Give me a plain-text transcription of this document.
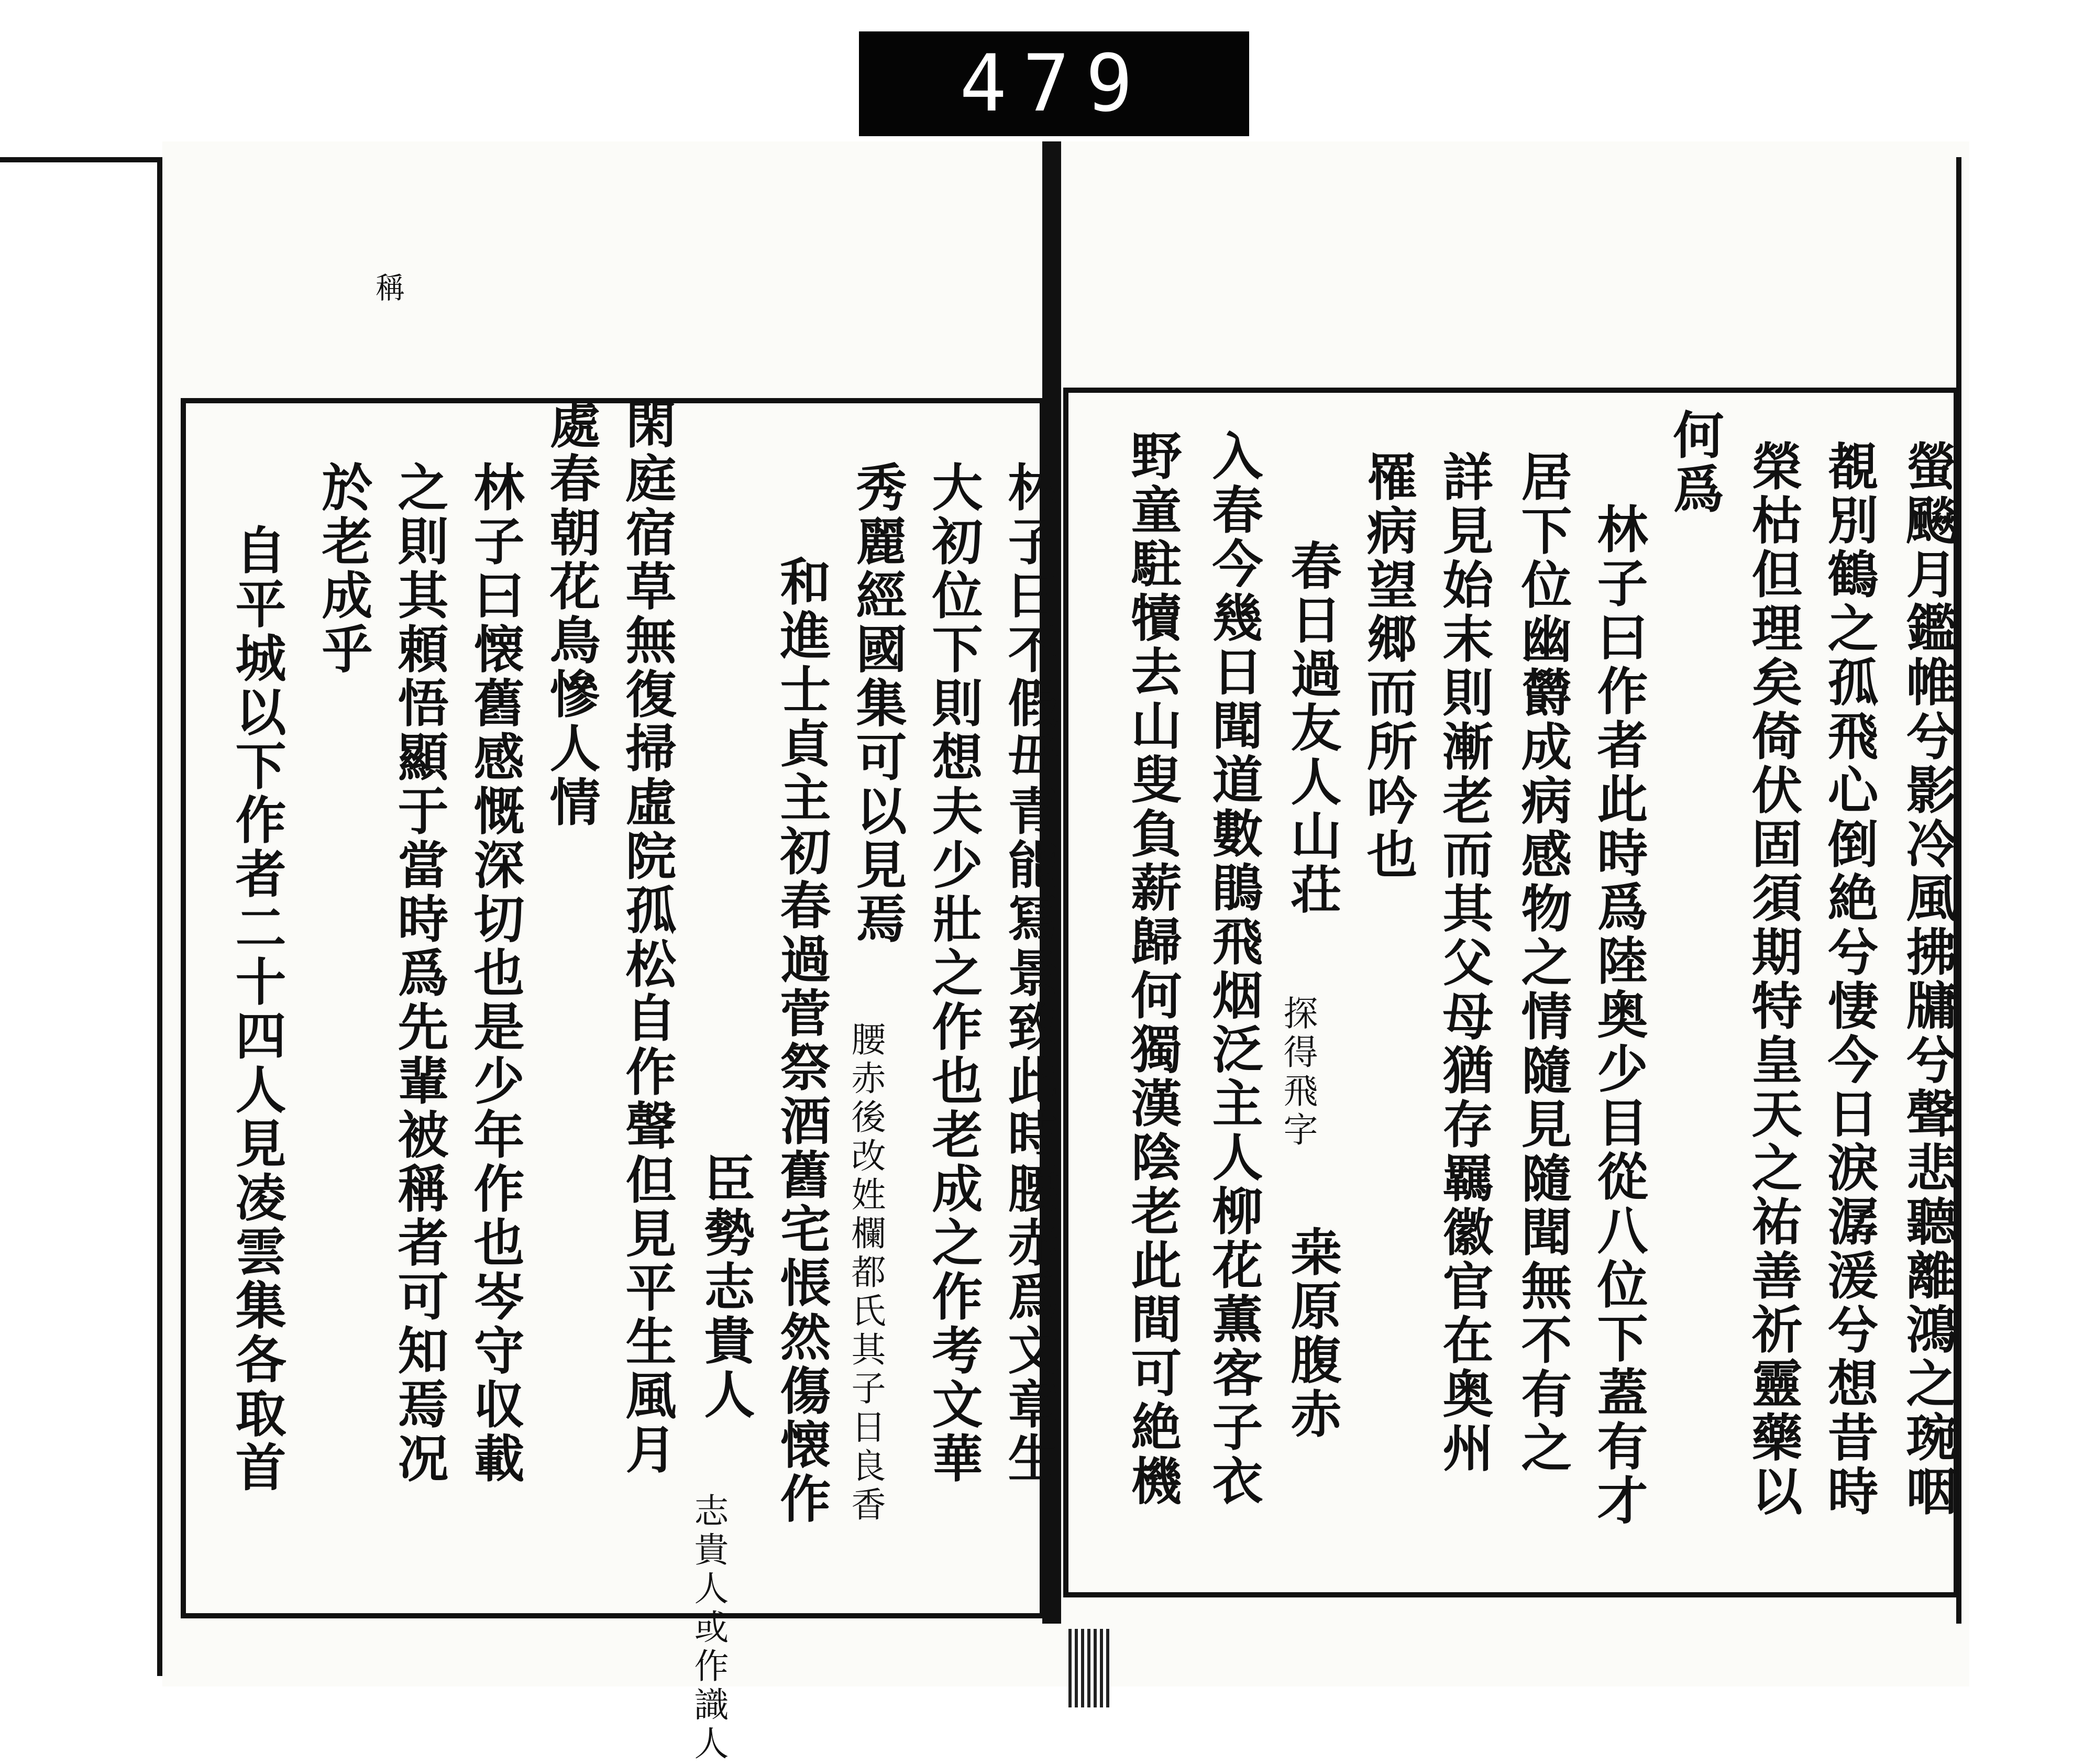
479
稱
林子曰不假毌青能冩景致此時腰赤爲文章生
大初位下則想夫少壯之作也老成之作考文華
秀麗經國集可以見焉
腰赤後改姓欄都氏其子日良香
和進士貞主初春過菅祭酒舊宅悵然傷懐作
臣勢志貴人
志貴人或作識人
閑庭宿草無復掃虛院孤松自作聲但見平生風月
處春朝花鳥慘人情
林子曰懐舊感慨深切也是少年作也岑守収載
之則其頼悟顯于當時爲先輩被稱者可知焉况
於老成乎
自平城以下作者二十四人見凌雲集各取首	螢飈月鑑帷兮影冷風拂牗兮聲悲聽離鴻之琬咽
覩別鶴之孤飛心倒絶兮悽今日淚潺湲兮想昔時
榮枯但理矣倚伏固須期特皇天之祐善祈靈藥以
何爲
林子曰作者此時爲陸奥少目從八位下蓋有才
居下位幽欝成病感物之情隨見隨聞無不有之
詳見始末則漸老而其父母猶存羈徽官在奥州
罹病望郷而所吟也
春日過友人山荘
探得飛字
桒原腹赤
入春今幾日聞道數鵑飛烟泛主人柳花薫客子衣
野童駐犢去山叟負薪歸何獨漢陰老此間可絶機
